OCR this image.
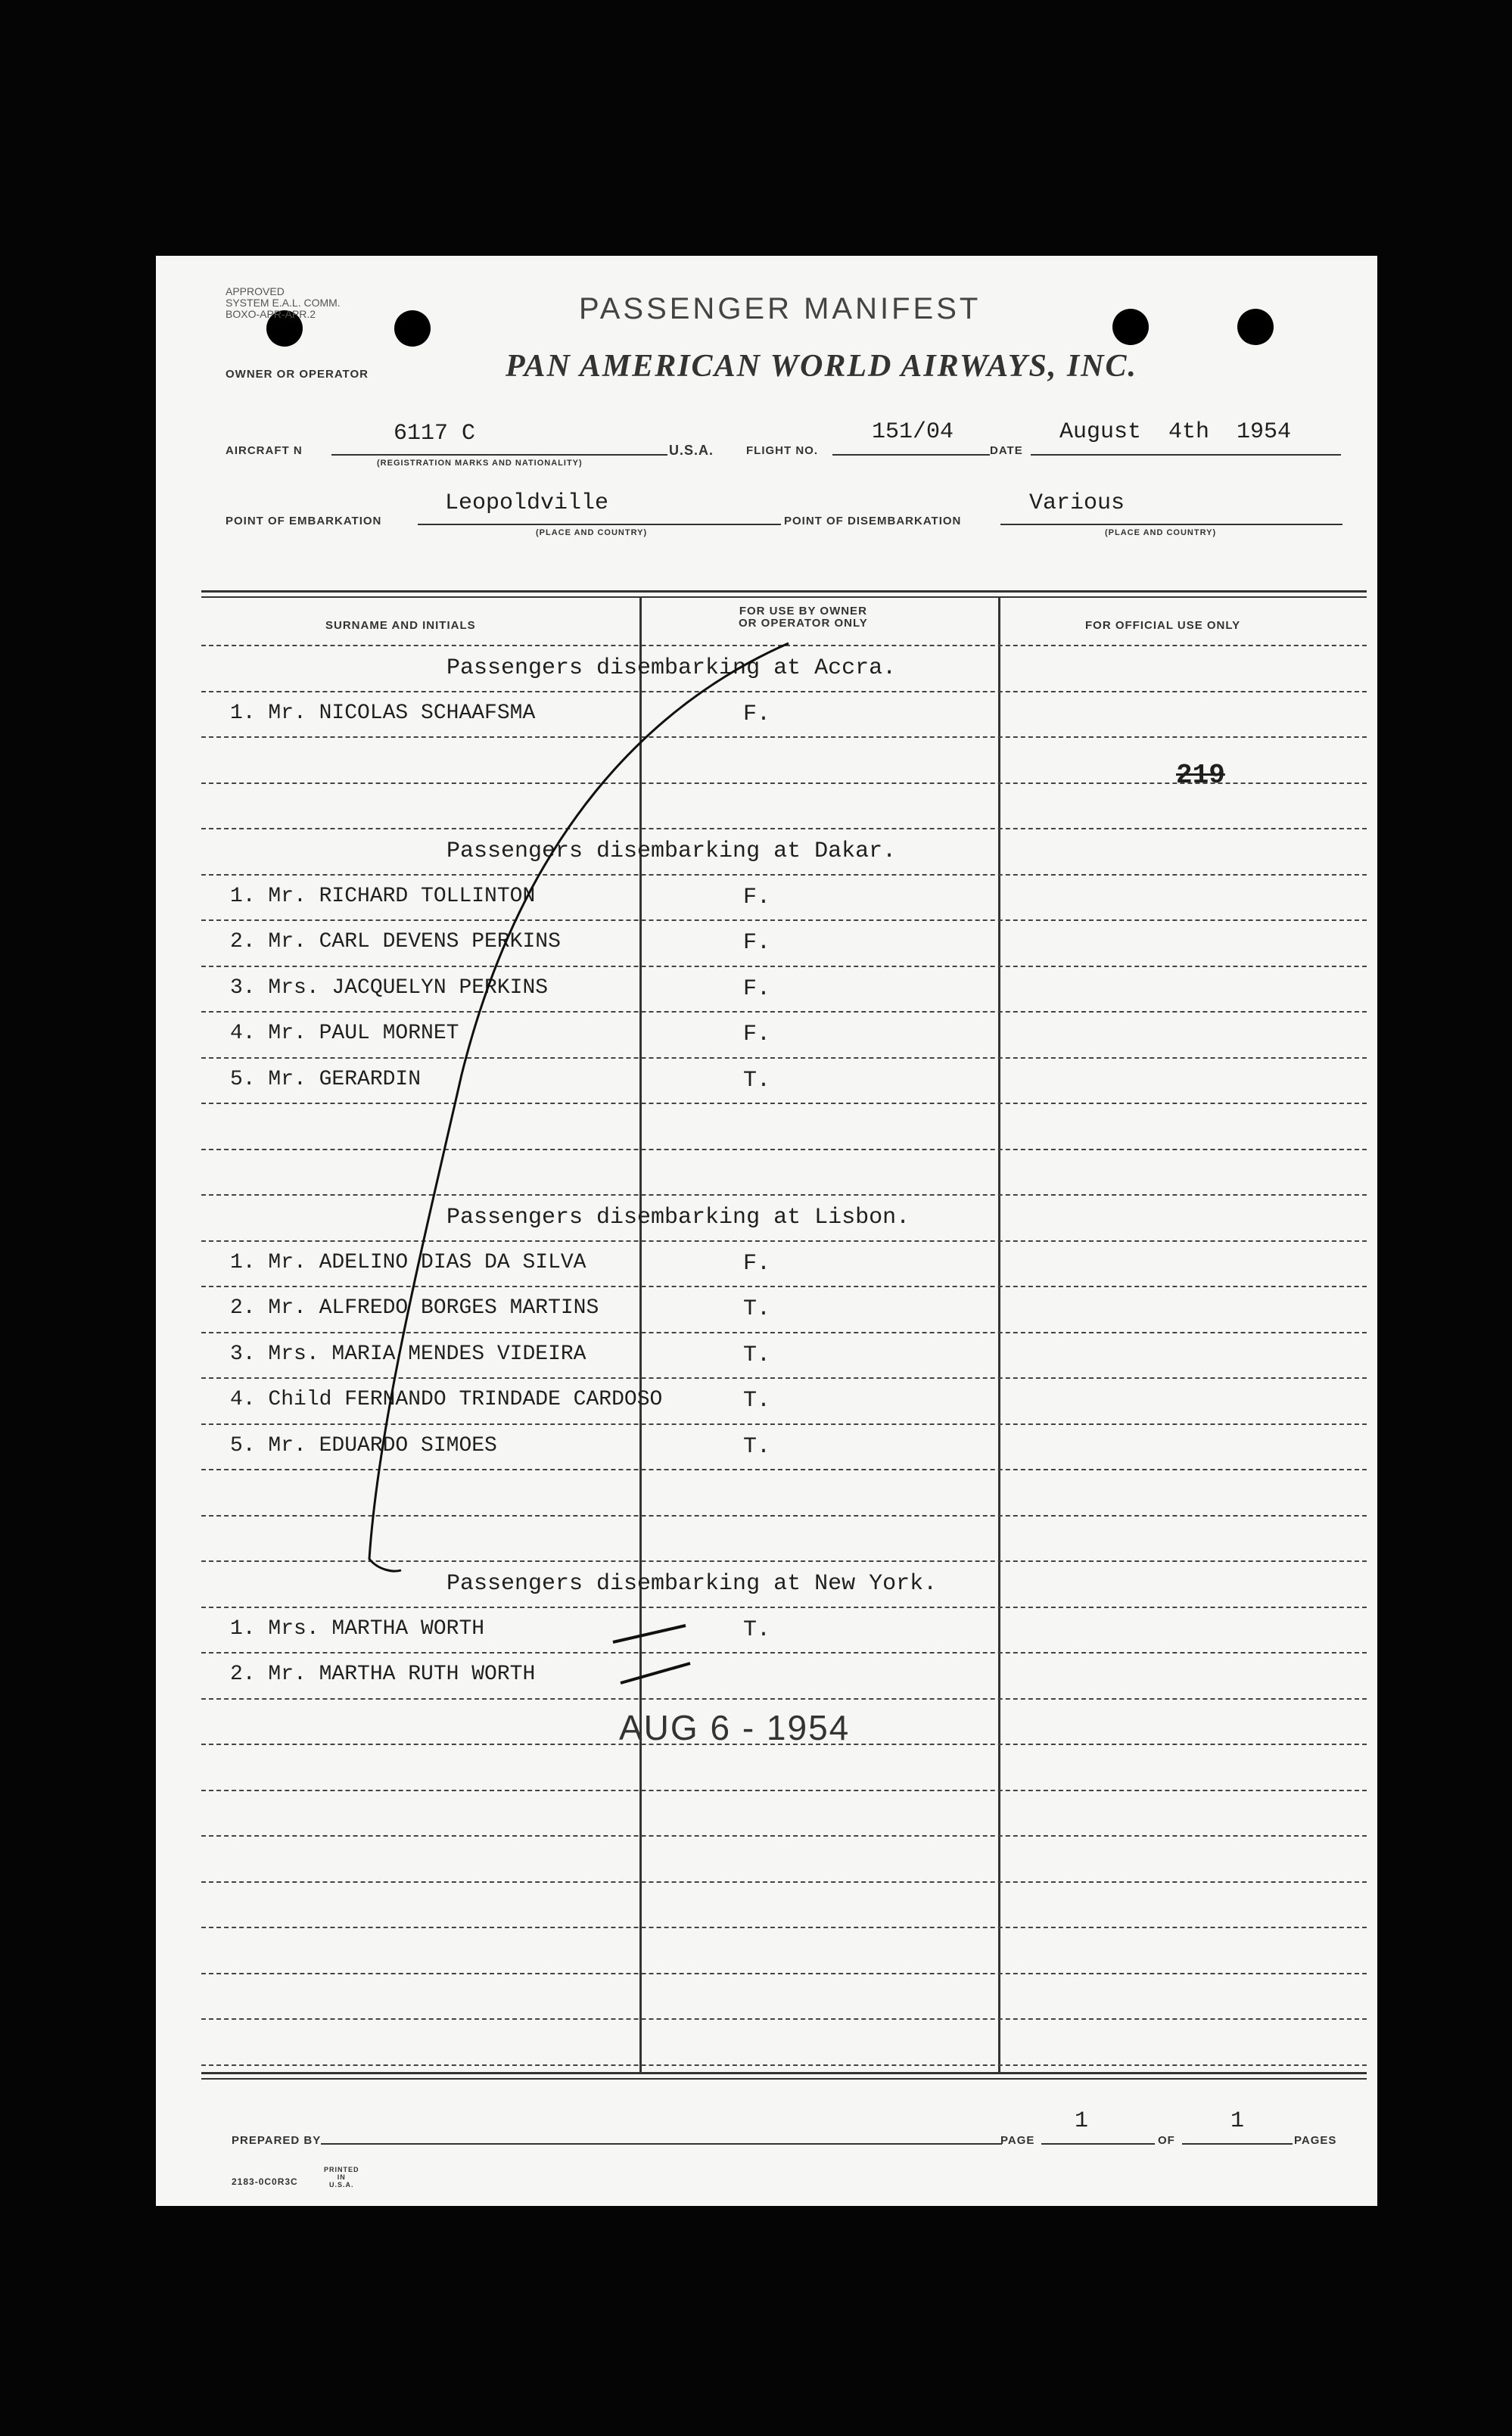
APPROVED
SYSTEM E.A.L. COMM.
BOXO-APR-APR.2	PASSENGER MANIFEST
OWNER OR OPERATOR	PAN AMERICAN WORLD AIRWAYS, INC.
AIRCRAFT N
6117 C
(REGISTRATION MARKS AND NATIONALITY)
U.S.A.	FLIGHT NO.
151/04
DATE
August  4th  1954
POINT OF EMBARKATION
Leopoldville
(PLACE AND COUNTRY)
POINT OF DISEMBARKATION
Various
(PLACE AND COUNTRY)
SURNAME AND INITIALS
FOR USE BY OWNER
OR OPERATOR ONLY	FOR OFFICIAL USE ONLY
Passengers disembarking at Accra.
1. Mr. NICOLAS SCHAAFSMA	F.
Passengers disembarking at Dakar.
1. Mr. RICHARD TOLLINTON	F.
2. Mr. CARL DEVENS PERKINS	F.
3. Mrs. JACQUELYN PERKINS	F.
4. Mr. PAUL MORNET	F.
5. Mr. GERARDIN	T.
Passengers disembarking at Lisbon.
1. Mr. ADELINO DIAS DA SILVA	F.
2. Mr. ALFREDO BORGES MARTINS	T.
3. Mrs. MARIA MENDES VIDEIRA	T.
4. Child FERNANDO TRINDADE CARDOSO	T.
5. Mr. EDUARDO SIMOES	T.
Passengers disembarking at New York.
1. Mrs. MARTHA WORTH	T.
2. Mr. MARTHA RUTH WORTH
219
AUG 6 - 1954
PREPARED BY	PAGE
1
OF
1
PAGES
2183-0C0R3C
PRINTED
IN
U.S.A.
